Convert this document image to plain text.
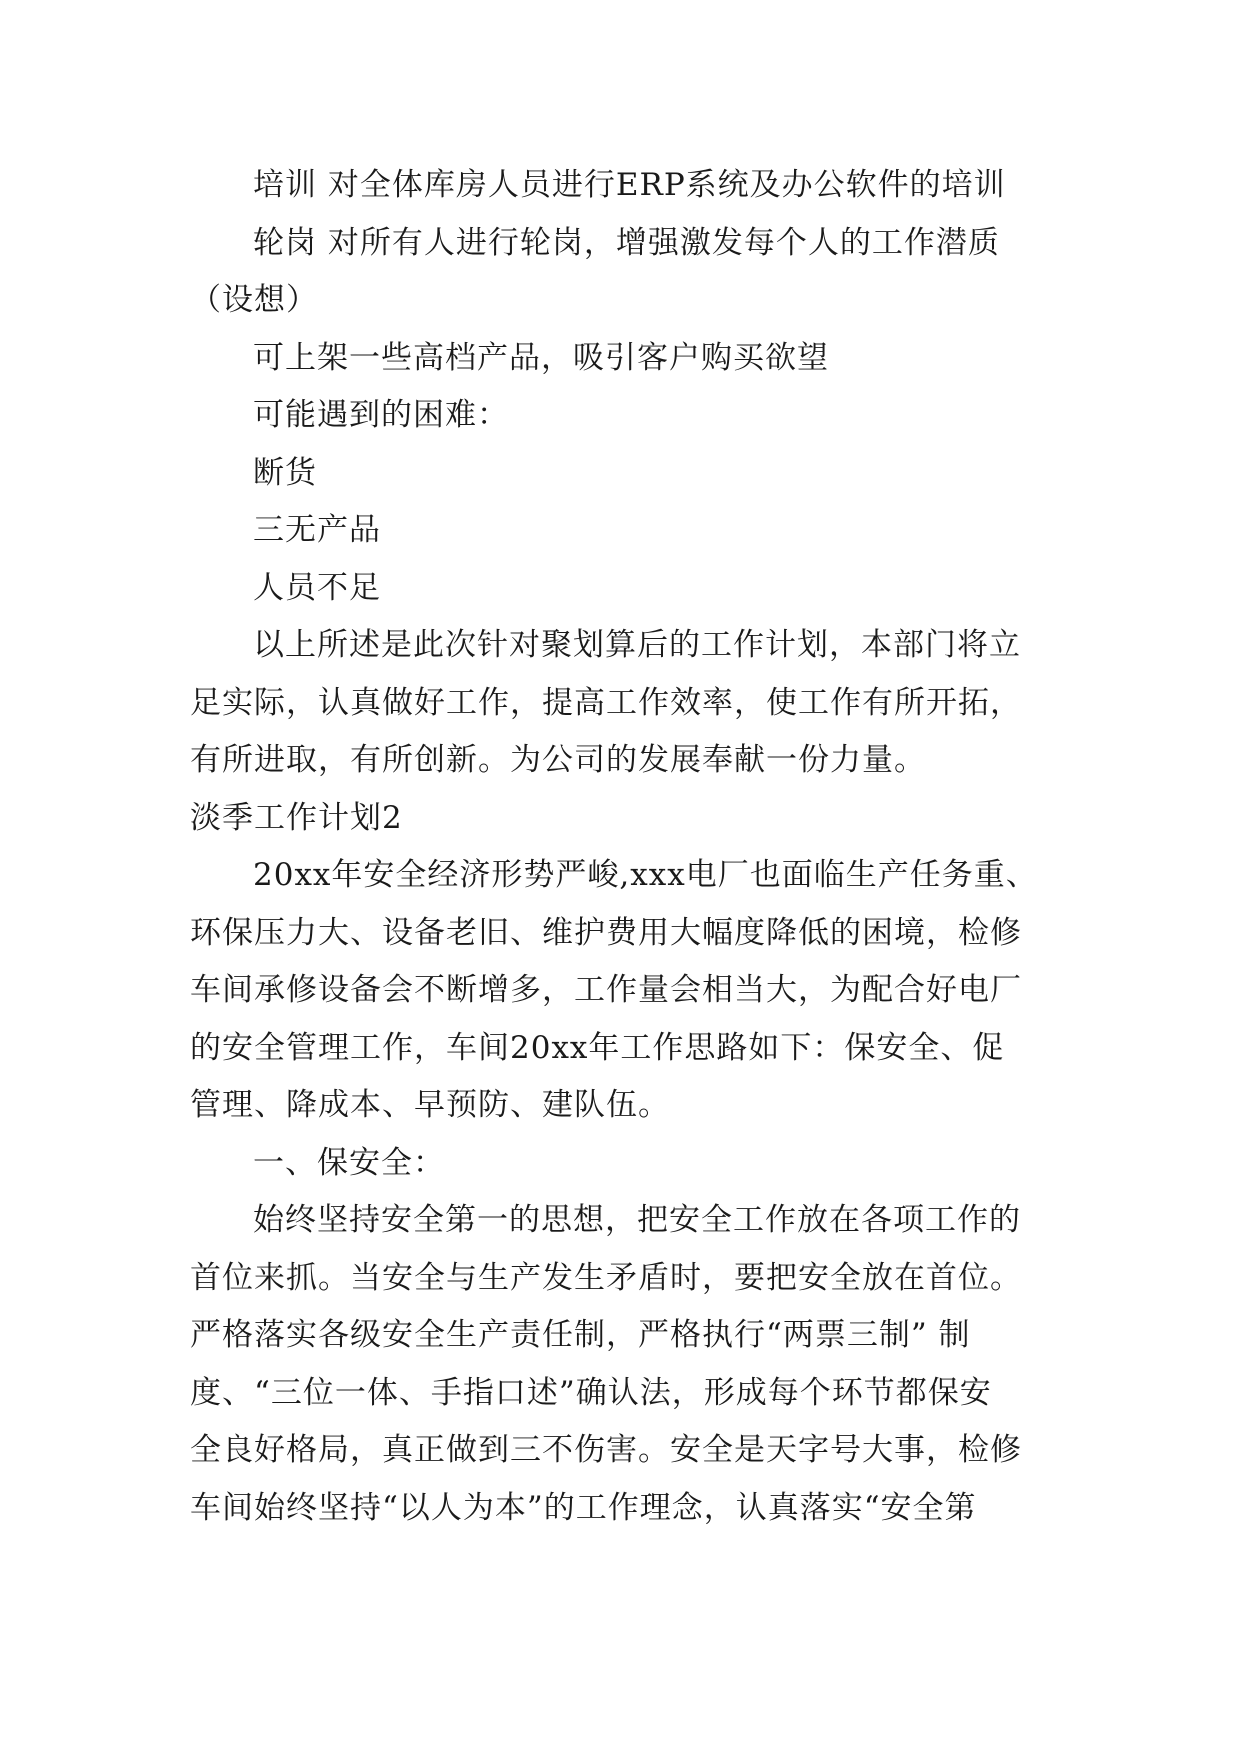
培训 对全体库房人员进行ERP系统及办公软件的培训
轮岗 对所有人进行轮岗，增强激发每个人的工作潜质
（设想）
可上架一些高档产品，吸引客户购买欲望
可能遇到的困难：
断货
三无产品
人员不足
以上所述是此次针对聚划算后的工作计划，本部门将立
足实际，认真做好工作，提高工作效率，使工作有所开拓，
有所进取，有所创新。为公司的发展奉献一份力量。
淡季工作计划2
20xx年安全经济形势严峻,xxx电厂也面临生产任务重、
环保压力大、设备老旧、维护费用大幅度降低的困境，检修
车间承修设备会不断增多，工作量会相当大，为配合好电厂
的安全管理工作，车间20xx年工作思路如下：保安全、促
管理、降成本、早预防、建队伍。
一、保安全：
始终坚持安全第一的思想，把安全工作放在各项工作的
首位来抓。当安全与生产发生矛盾时，要把安全放在首位。
严格落实各级安全生产责任制，严格执行“两票三制” 制
度、“三位一体、手指口述”确认法，形成每个环节都保安
全良好格局，真正做到三不伤害。安全是天字号大事，检修
车间始终坚持“以人为本”的工作理念，认真落实“安全第
